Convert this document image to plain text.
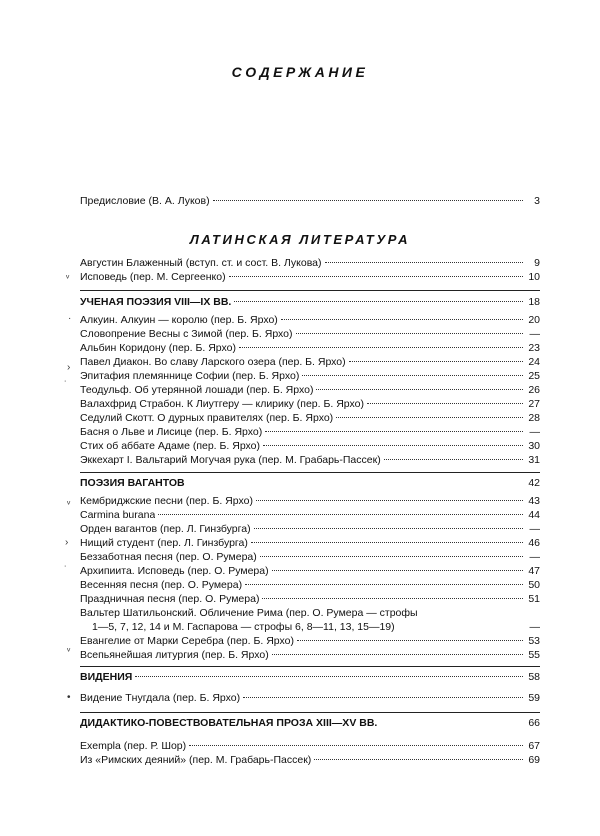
СОДЕРЖАНИЕ
Предисловие (В. А. Луков)	3
ЛАТИНСКАЯ ЛИТЕРАТУРА
ᵥ
·
›
˙
Августин Блаженный (вступ. ст. и сост. В. Лукова)	9
Исповедь (пер. М. Сергеенко)	10
УЧЕНАЯ ПОЭЗИЯ VIII—IX ВВ.	18
Алкуин. Алкуин — королю (пер. Б. Ярхо)	20
Словопрение Весны с Зимой (пер. Б. Ярхо)	—
Альбин Коридону (пер. Б. Ярхо)	23
Павел Диакон. Во славу Ларского озера (пер. Б. Ярхо)	24
Эпитафия племяннице Софии (пер. Б. Ярхо)	25
Теодульф. Об утерянной лошади (пер. Б. Ярхо)	26
Валахфрид Страбон. К Лиутгеру — клирику (пер. Б. Ярхо)	27
Седулий Скотт. О дурных правителях (пер. Б. Ярхо)	28
Басня о Льве и Лисице (пер. Б. Ярхо)	—
Стих об аббате Адаме (пер. Б. Ярхо)	30
Эккехарт I. Вальтарий Могучая рука (пер. М. Грабарь-Пассек)	31
ПОЭЗИЯ ВАГАНТОВ	42
ᵥ
›
˙
ᵥ
•
Кембриджские песни (пер. Б. Ярхо)	43
Carmina burana	44
Орден вагантов (пер. Л. Гинзбурга)	—
Нищий студент (пер. Л. Гинзбурга)	46
Беззаботная песня (пер. О. Румера)	—
Архипиита. Исповедь (пер. О. Румера)	47
Весенняя песня (пер. О. Румера)	50
Праздничная песня (пер. О. Румера)	51
Вальтер Шатильонский. Обличение Рима (пер. О. Румера — строфы
1—5, 7, 12, 14 и М. Гаспарова — строфы 6, 8—11, 13, 15—19)	—
Евангелие от Марки Серебра (пер. Б. Ярхо)	53
Всепьянейшая литургия (пер. Б. Ярхо)	55
ВИДЕНИЯ	58
Видение Тнугдала (пер. Б. Ярхо)	59
ДИДАКТИКО-ПОВЕСТВОВАТЕЛЬНАЯ ПРОЗА XIII—XV ВВ.	66
Exempla (пер. Р. Шор)	67
Из «Римских деяний» (пер. М. Грабарь-Пассек)	69
